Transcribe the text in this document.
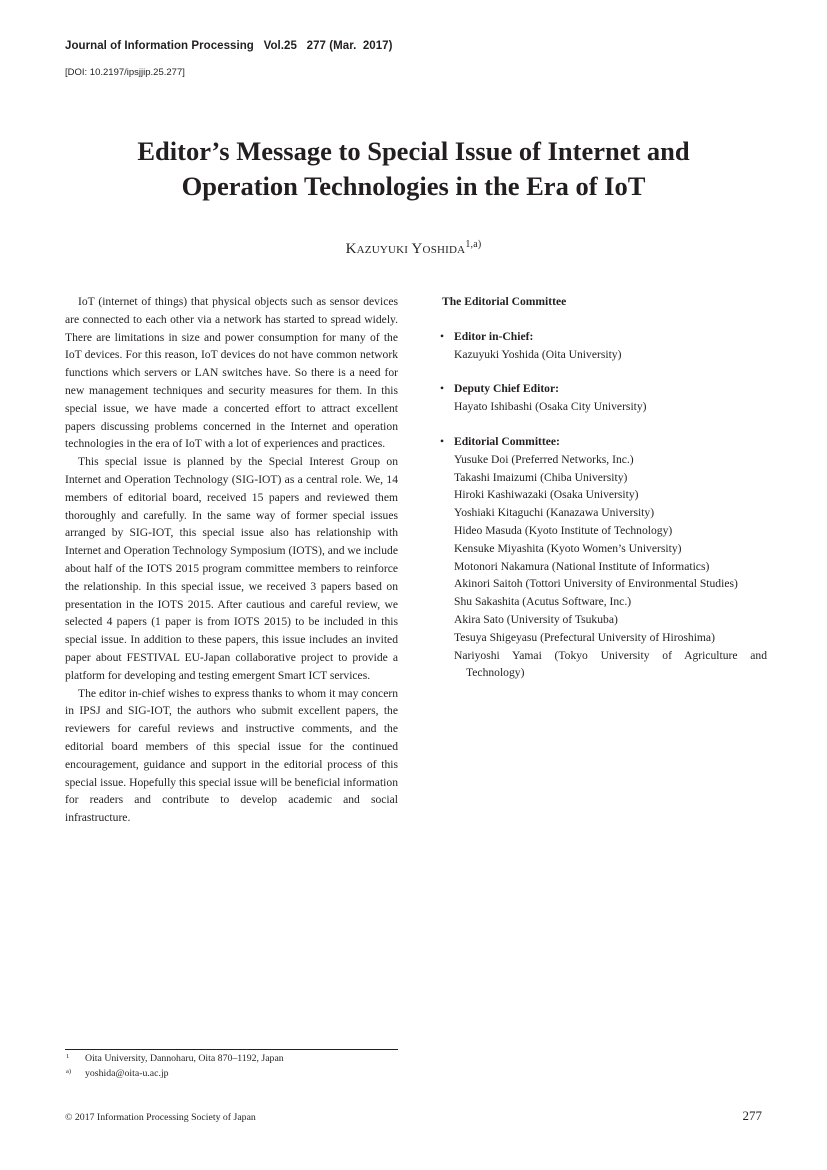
Journal of Information Processing   Vol.25   277 (Mar.  2017)
[DOI: 10.2197/ipsjjip.25.277]
Editor’s Message to Special Issue of Internet and
Operation Technologies in the Era of IoT
Kazuyuki Yoshida$^{1,a)}$

IoT (internet of things) that physical objects such as sensor devices are connected to each other via a network has started to spread widely. There are limitations in size and power consumption for many of the IoT devices. For this reason, IoT devices do not have common network functions which servers or LAN switches have. So there is a need for new management techniques and security measures for them. In this special issue, we have made a concerted effort to attract excellent papers discussing problems concerned in the Internet and operation technologies in the era of IoT with a lot of experiences and practices.

This special issue is planned by the Special Interest Group on Internet and Operation Technology (SIG-IOT) as a central role. We, 14 members of editorial board, received 15 papers and reviewed them thoroughly and carefully. In the same way of former special issues arranged by SIG-IOT, this special issue also has relationship with Internet and Operation Technology Symposium (IOTS), and we include about half of the IOTS 2015 program committee members to reinforce the relationship. In this special issue, we received 3 papers based on presentation in the IOTS 2015. After cautious and careful review, we selected 4 papers (1 paper is from IOTS 2015) to be included in this special issue. In addition to these papers, this issue includes an invited paper about FESTIVAL EU-Japan collaborative project to provide a platform for developing and testing emergent Smart ICT services.

The editor in-chief wishes to express thanks to whom it may concern in IPSJ and SIG-IOT, the authors who submit excellent papers, the reviewers for careful reviews and instructive comments, and the editorial board members of this special issue for the continued encouragement, guidance and support in the editorial process of this special issue. Hopefully this special issue will be beneficial information for readers and contribute to develop academic and social infrastructure.

The Editorial Committee
• Editor in-Chief:
Kazuyuki Yoshida (Oita University)
• Deputy Chief Editor:
Hayato Ishibashi (Osaka City University)
• Editorial Committee:
Yusuke Doi (Preferred Networks, Inc.)
Takashi Imaizumi (Chiba University)
Hiroki Kashiwazaki (Osaka University)
Yoshiaki Kitaguchi (Kanazawa University)
Hideo Masuda (Kyoto Institute of Technology)
Kensuke Miyashita (Kyoto Women’s University)
Motonori Nakamura (National Institute of Informatics)
Akinori Saitoh (Tottori University of Environmental Studies)
Shu Sakashita (Acutus Software, Inc.)
Akira Sato (University of Tsukuba)
Tesuya Shigeyasu (Prefectural University of Hiroshima)
Nariyoshi Yamai (Tokyo University of Agriculture and Technology)
1 Oita University, Dannoharu, Oita 870–1192, Japan
a) yoshida@oita-u.ac.jp
© 2017 Information Processing Society of Japan	277
